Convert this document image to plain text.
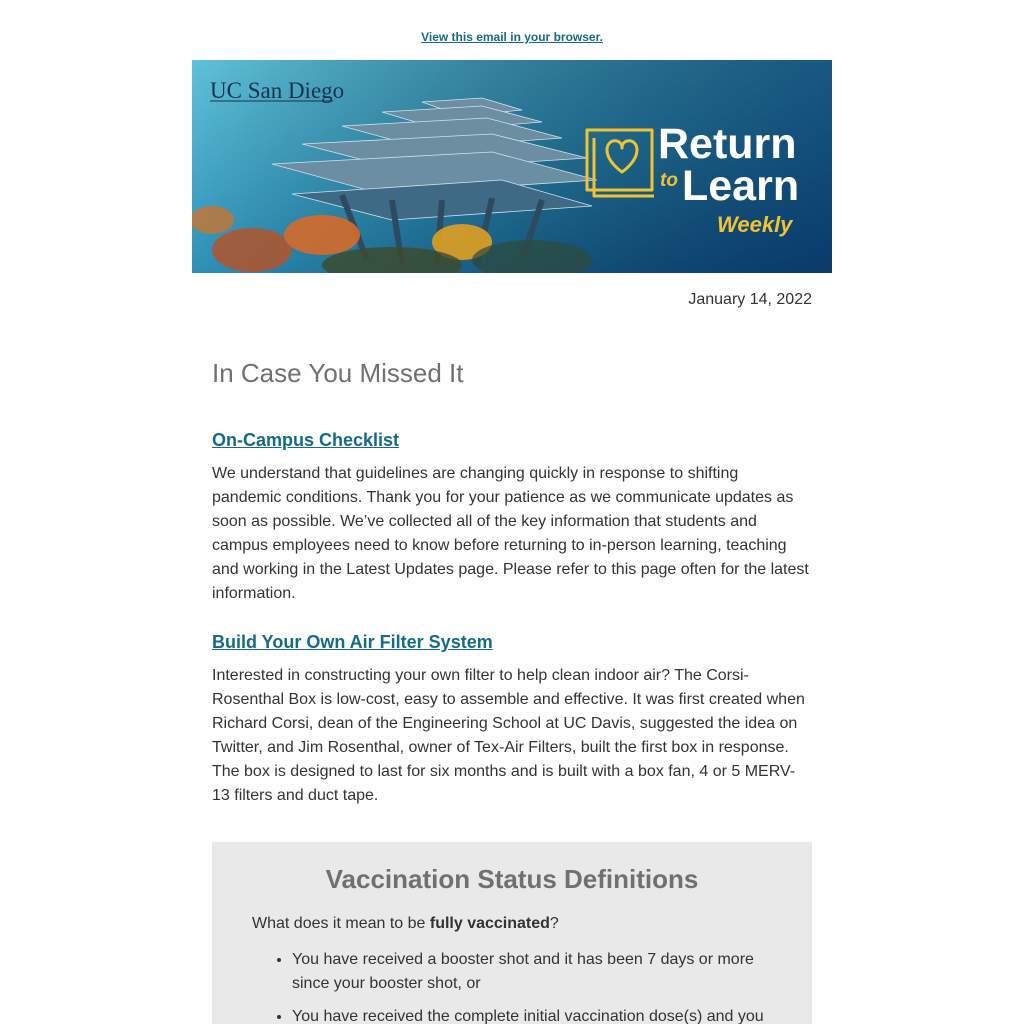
View this email in your browser.
UC San Diego
Return
to Learn
Weekly
January 14, 2022
In Case You Missed It
On-Campus Checklist

We understand that guidelines are changing quickly in response to shifting pandemic conditions. Thank you for your patience as we communicate updates as soon as possible. We’ve collected all of the key information that students and campus employees need to know before returning to in-person learning, teaching and working in the Latest Updates page. Please refer to this page often for the latest information.

Build Your Own Air Filter System

Interested in constructing your own filter to help clean indoor air? The Corsi-Rosenthal Box is low-cost, easy to assemble and effective. It was first created when Richard Corsi, dean of the Engineering School at UC Davis, suggested the idea on Twitter, and Jim Rosenthal, owner of Tex-Air Filters, built the first box in response. The box is designed to last for six months and is built with a box fan, 4 or 5 MERV-13 filters and duct tape.

Vaccination Status Definitions
What does it mean to be fully vaccinated?
• You have received a booster shot and it has been 7 days or more since your booster shot, or
• You have received the complete initial vaccination dose(s) and you
